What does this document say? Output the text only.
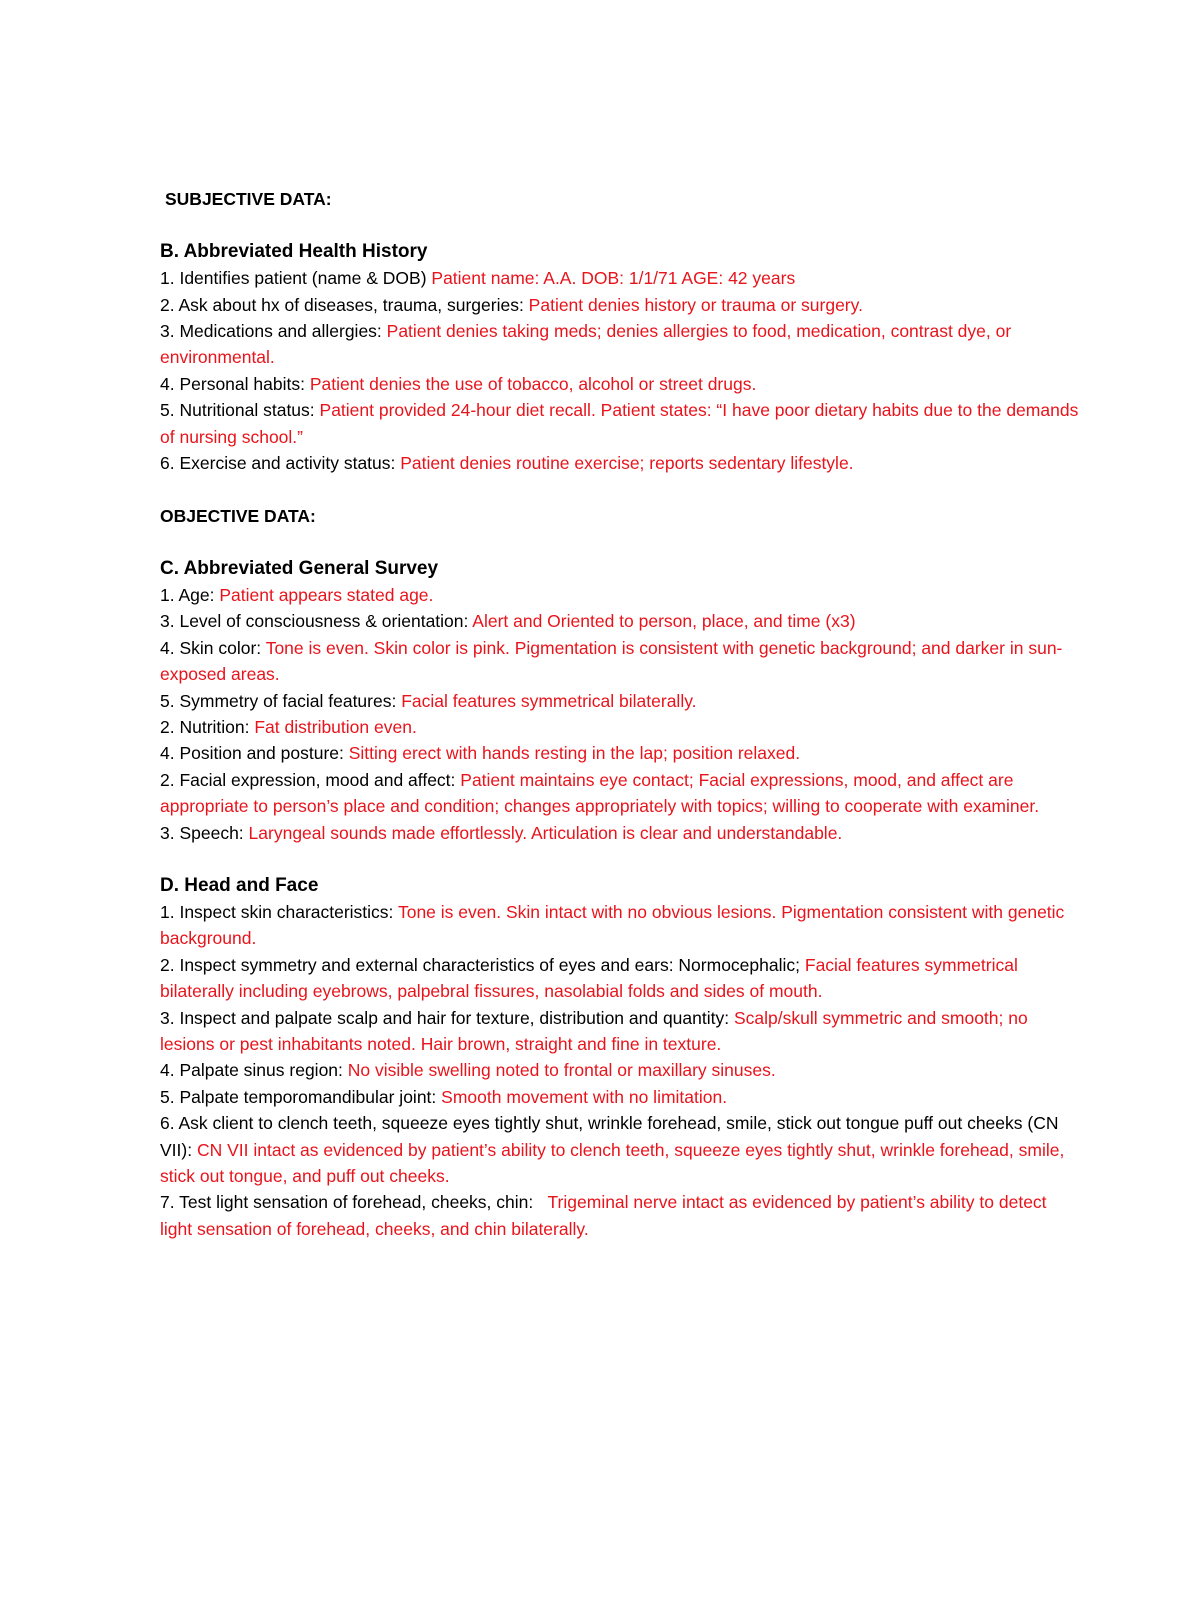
SUBJECTIVE DATA:

B. Abbreviated Health History

1. Identifies patient (name & DOB) Patient name: A.A. DOB: 1/1/71 AGE: 42 years

2. Ask about hx of diseases, trauma, surgeries: Patient denies history or trauma or surgery.

3. Medications and allergies: Patient denies taking meds; denies allergies to food, medication, contrast dye, or environmental.

4. Personal habits: Patient denies the use of tobacco, alcohol or street drugs.

5. Nutritional status: Patient provided 24-hour diet recall. Patient states: “I have poor dietary habits due to the demands of nursing school.”

6. Exercise and activity status: Patient denies routine exercise; reports sedentary lifestyle.

OBJECTIVE DATA:

C. Abbreviated General Survey

1. Age: Patient appears stated age.

3. Level of consciousness & orientation: Alert and Oriented to person, place, and time (x3)

4. Skin color: Tone is even. Skin color is pink. Pigmentation is consistent with genetic background; and darker in sun-exposed areas.

5. Symmetry of facial features: Facial features symmetrical bilaterally.

2. Nutrition: Fat distribution even.

4. Position and posture: Sitting erect with hands resting in the lap; position relaxed.

2. Facial expression, mood and affect: Patient maintains eye contact; Facial expressions, mood, and affect are appropriate to person’s place and condition; changes appropriately with topics; willing to cooperate with examiner.

3. Speech: Laryngeal sounds made effortlessly. Articulation is clear and understandable.

D. Head and Face

1. Inspect skin characteristics: Tone is even. Skin intact with no obvious lesions. Pigmentation consistent with genetic background.

2. Inspect symmetry and external characteristics of eyes and ears: Normocephalic; Facial features symmetrical bilaterally including eyebrows, palpebral fissures, nasolabial folds and sides of mouth.

3. Inspect and palpate scalp and hair for texture, distribution and quantity: Scalp/skull symmetric and smooth; no lesions or pest inhabitants noted. Hair brown, straight and fine in texture.

4. Palpate sinus region: No visible swelling noted to frontal or maxillary sinuses.

5. Palpate temporomandibular joint: Smooth movement with no limitation.

6. Ask client to clench teeth, squeeze eyes tightly shut, wrinkle forehead, smile, stick out tongue puff out cheeks (CN VII): CN VII intact as evidenced by patient’s ability to clench teeth, squeeze eyes tightly shut, wrinkle forehead, smile, stick out tongue, and puff out cheeks.

7. Test light sensation of forehead, cheeks, chin:   Trigeminal nerve intact as evidenced by patient’s ability to detect light sensation of forehead, cheeks, and chin bilaterally.
